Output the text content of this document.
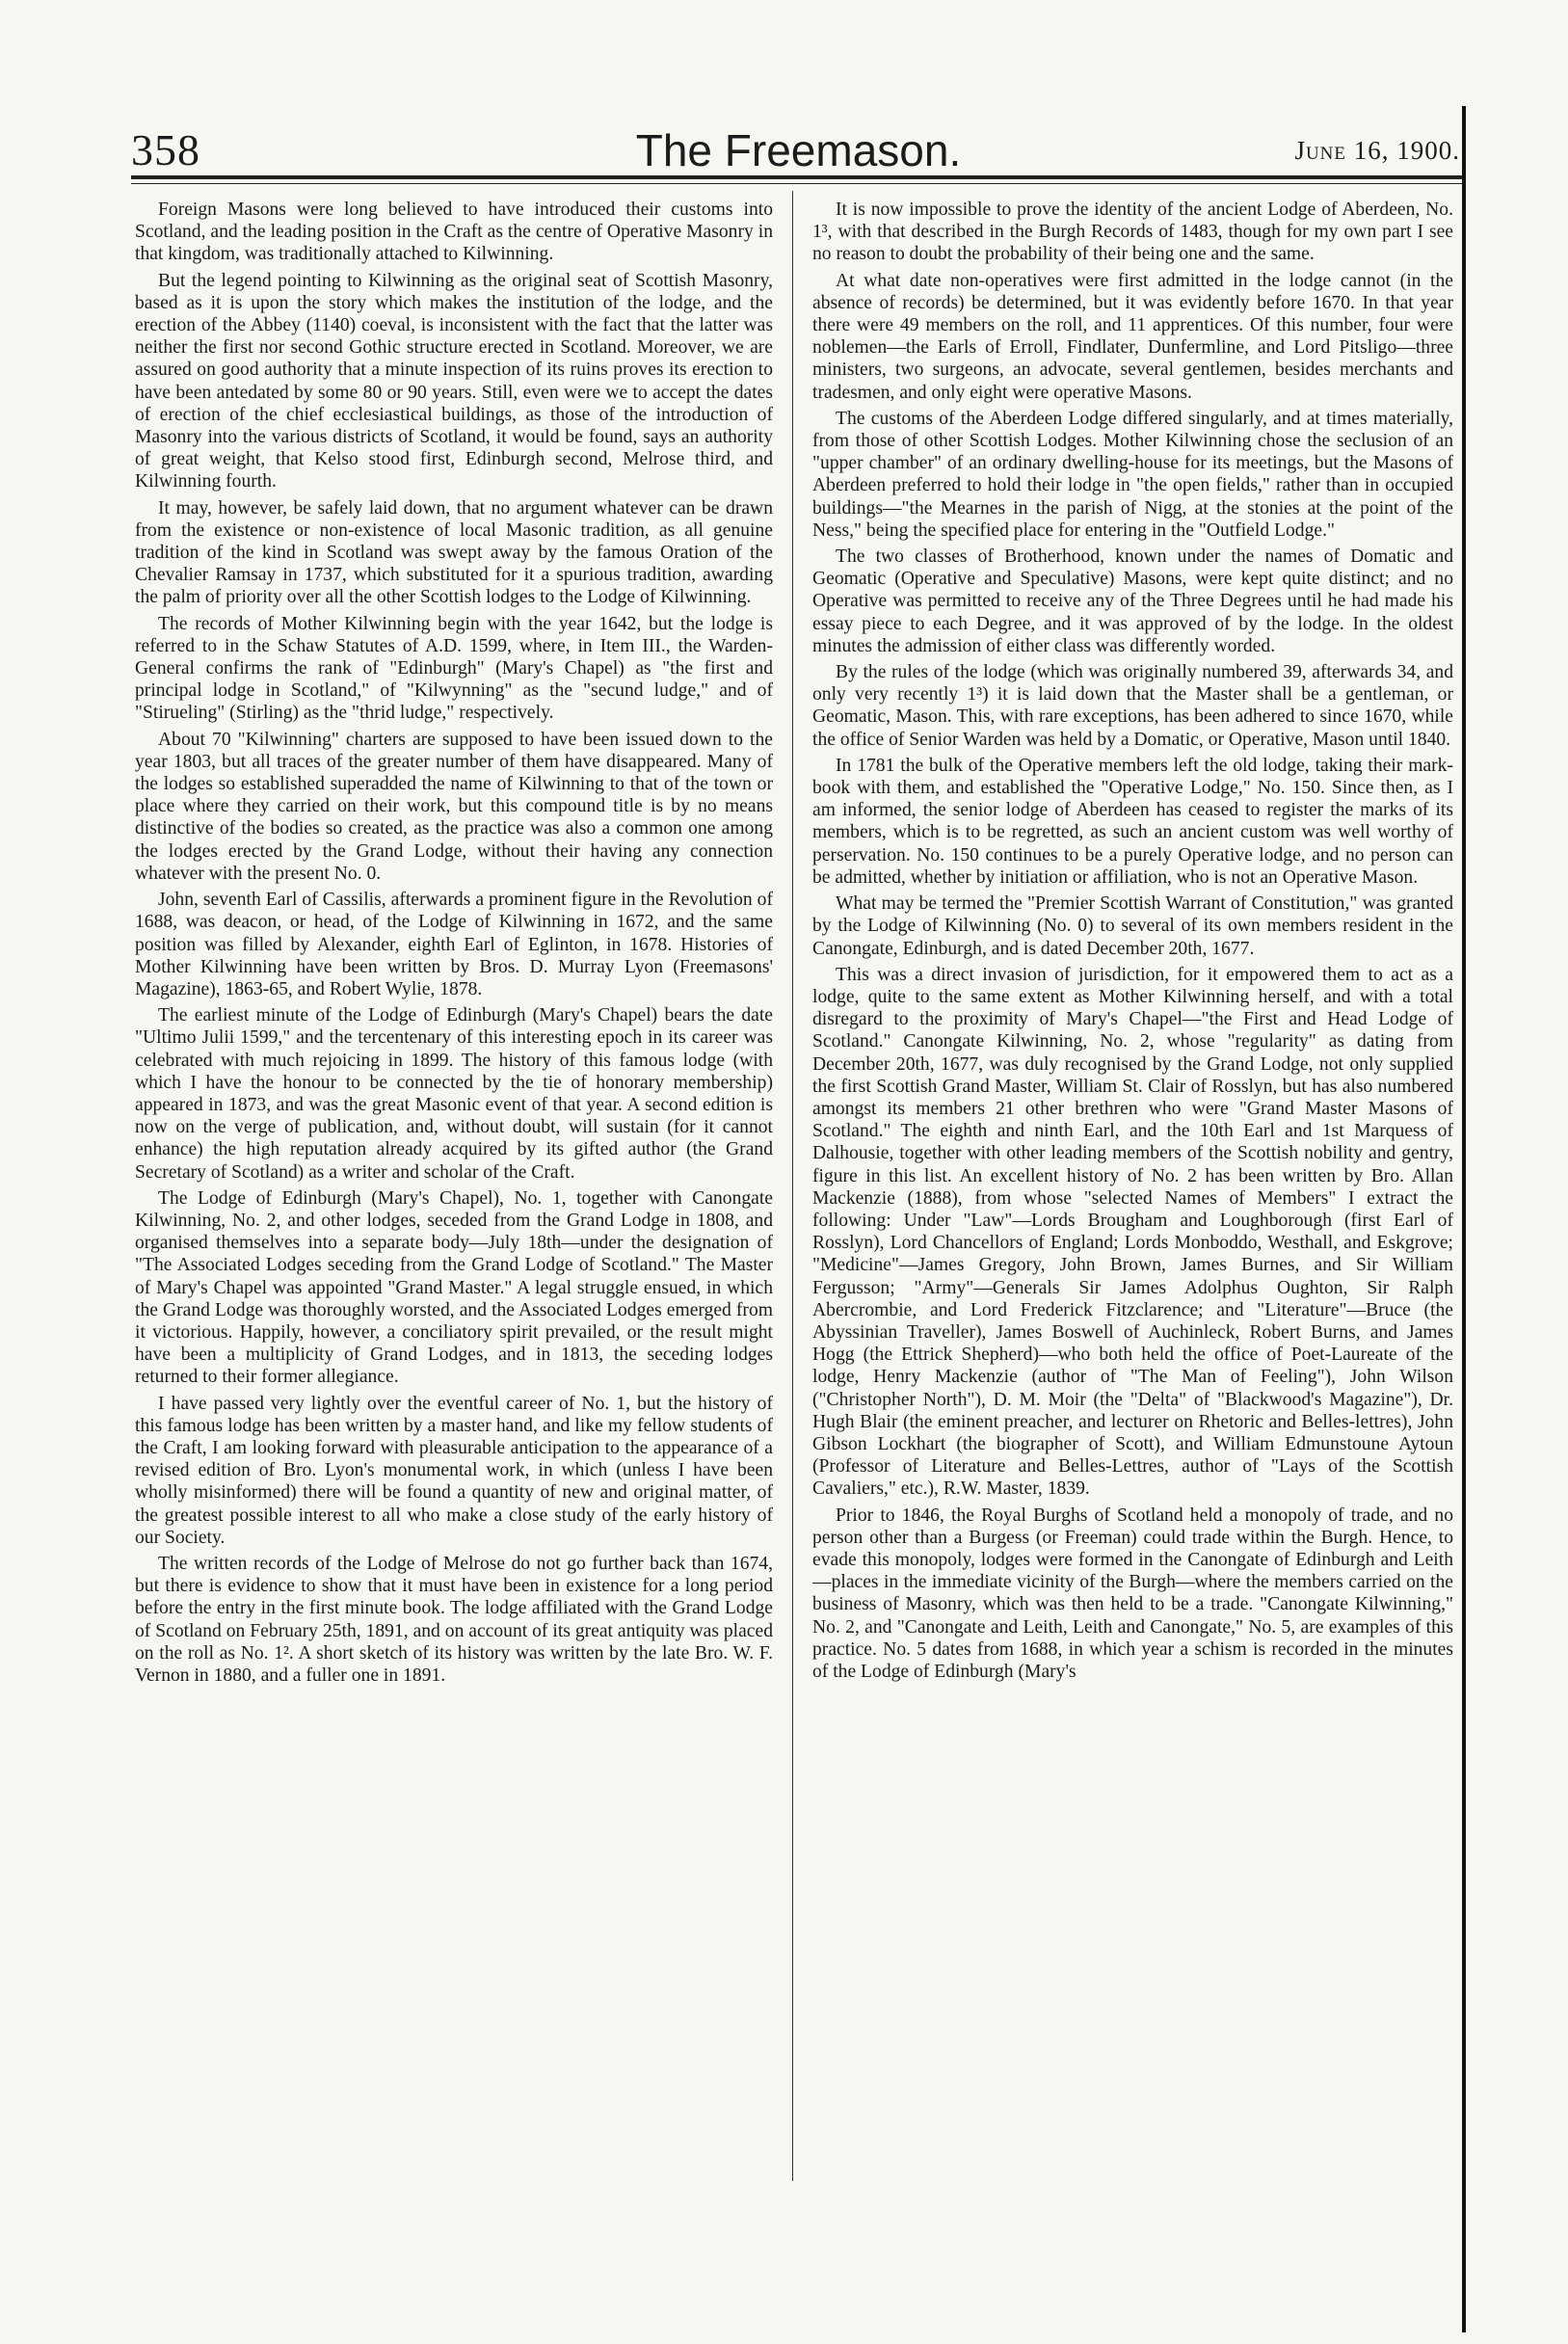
358	The Freemason.	June 16, 1900.

Foreign Masons were long believed to have introduced their customs into Scotland, and the leading position in the Craft as the centre of Operative Masonry in that kingdom, was traditionally attached to Kilwinning.

But the legend pointing to Kilwinning as the original seat of Scottish Masonry, based as it is upon the story which makes the institution of the lodge, and the erection of the Abbey (1140) coeval, is inconsistent with the fact that the latter was neither the first nor second Gothic structure erected in Scotland. Moreover, we are assured on good authority that a minute inspection of its ruins proves its erection to have been antedated by some 80 or 90 years. Still, even were we to accept the dates of erection of the chief ecclesiastical buildings, as those of the introduction of Masonry into the various districts of Scotland, it would be found, says an authority of great weight, that Kelso stood first, Edinburgh second, Melrose third, and Kilwinning fourth.

It may, however, be safely laid down, that no argument whatever can be drawn from the existence or non-existence of local Masonic tradition, as all genuine tradition of the kind in Scotland was swept away by the famous Oration of the Chevalier Ramsay in 1737, which substituted for it a spurious tradition, awarding the palm of priority over all the other Scottish lodges to the Lodge of Kilwinning.

The records of Mother Kilwinning begin with the year 1642, but the lodge is referred to in the Schaw Statutes of A.D. 1599, where, in Item III., the Warden-General confirms the rank of "Edinburgh" (Mary's Chapel) as "the first and principal lodge in Scotland," of "Kilwynning" as the "secund ludge," and of "Stirueling" (Stirling) as the "thrid ludge," respectively.

About 70 "Kilwinning" charters are supposed to have been issued down to the year 1803, but all traces of the greater number of them have disappeared. Many of the lodges so established superadded the name of Kilwinning to that of the town or place where they carried on their work, but this compound title is by no means distinctive of the bodies so created, as the practice was also a common one among the lodges erected by the Grand Lodge, without their having any connection whatever with the present No. 0.

John, seventh Earl of Cassilis, afterwards a prominent figure in the Revolution of 1688, was deacon, or head, of the Lodge of Kilwinning in 1672, and the same position was filled by Alexander, eighth Earl of Eglinton, in 1678. Histories of Mother Kilwinning have been written by Bros. D. Murray Lyon (Freemasons' Magazine), 1863-65, and Robert Wylie, 1878.

The earliest minute of the Lodge of Edinburgh (Mary's Chapel) bears the date "Ultimo Julii 1599," and the tercentenary of this interesting epoch in its career was celebrated with much rejoicing in 1899. The history of this famous lodge (with which I have the honour to be connected by the tie of honorary membership) appeared in 1873, and was the great Masonic event of that year. A second edition is now on the verge of publication, and, without doubt, will sustain (for it cannot enhance) the high reputation already acquired by its gifted author (the Grand Secretary of Scotland) as a writer and scholar of the Craft.

The Lodge of Edinburgh (Mary's Chapel), No. 1, together with Canongate Kilwinning, No. 2, and other lodges, seceded from the Grand Lodge in 1808, and organised themselves into a separate body—July 18th—under the designation of "The Associated Lodges seceding from the Grand Lodge of Scotland." The Master of Mary's Chapel was appointed "Grand Master." A legal struggle ensued, in which the Grand Lodge was thoroughly worsted, and the Associated Lodges emerged from it victorious. Happily, however, a conciliatory spirit prevailed, or the result might have been a multiplicity of Grand Lodges, and in 1813, the seceding lodges returned to their former allegiance.

I have passed very lightly over the eventful career of No. 1, but the history of this famous lodge has been written by a master hand, and like my fellow students of the Craft, I am looking forward with pleasurable anticipation to the appearance of a revised edition of Bro. Lyon's monumental work, in which (unless I have been wholly misinformed) there will be found a quantity of new and original matter, of the greatest possible interest to all who make a close study of the early history of our Society.

The written records of the Lodge of Melrose do not go further back than 1674, but there is evidence to show that it must have been in existence for a long period before the entry in the first minute book. The lodge affiliated with the Grand Lodge of Scotland on February 25th, 1891, and on account of its great antiquity was placed on the roll as No. 1². A short sketch of its history was written by the late Bro. W. F. Vernon in 1880, and a fuller one in 1891.

It is now impossible to prove the identity of the ancient Lodge of Aberdeen, No. 1³, with that described in the Burgh Records of 1483, though for my own part I see no reason to doubt the probability of their being one and the same.

At what date non-operatives were first admitted in the lodge cannot (in the absence of records) be determined, but it was evidently before 1670. In that year there were 49 members on the roll, and 11 apprentices. Of this number, four were noblemen—the Earls of Erroll, Findlater, Dunfermline, and Lord Pitsligo—three ministers, two surgeons, an advocate, several gentlemen, besides merchants and tradesmen, and only eight were operative Masons.

The customs of the Aberdeen Lodge differed singularly, and at times materially, from those of other Scottish Lodges. Mother Kilwinning chose the seclusion of an "upper chamber" of an ordinary dwelling-house for its meetings, but the Masons of Aberdeen preferred to hold their lodge in "the open fields," rather than in occupied buildings—"the Mearnes in the parish of Nigg, at the stonies at the point of the Ness," being the specified place for entering in the "Outfield Lodge."

The two classes of Brotherhood, known under the names of Domatic and Geomatic (Operative and Speculative) Masons, were kept quite distinct; and no Operative was permitted to receive any of the Three Degrees until he had made his essay piece to each Degree, and it was approved of by the lodge. In the oldest minutes the admission of either class was differently worded.

By the rules of the lodge (which was originally numbered 39, afterwards 34, and only very recently 1³) it is laid down that the Master shall be a gentleman, or Geomatic, Mason. This, with rare exceptions, has been adhered to since 1670, while the office of Senior Warden was held by a Domatic, or Operative, Mason until 1840.

In 1781 the bulk of the Operative members left the old lodge, taking their mark-book with them, and established the "Operative Lodge," No. 150. Since then, as I am informed, the senior lodge of Aberdeen has ceased to register the marks of its members, which is to be regretted, as such an ancient custom was well worthy of perservation. No. 150 continues to be a purely Operative lodge, and no person can be admitted, whether by initiation or affiliation, who is not an Operative Mason.

What may be termed the "Premier Scottish Warrant of Constitution," was granted by the Lodge of Kilwinning (No. 0) to several of its own members resident in the Canongate, Edinburgh, and is dated December 20th, 1677.

This was a direct invasion of jurisdiction, for it empowered them to act as a lodge, quite to the same extent as Mother Kilwinning herself, and with a total disregard to the proximity of Mary's Chapel—"the First and Head Lodge of Scotland." Canongate Kilwinning, No. 2, whose "regularity" as dating from December 20th, 1677, was duly recognised by the Grand Lodge, not only supplied the first Scottish Grand Master, William St. Clair of Rosslyn, but has also numbered amongst its members 21 other brethren who were "Grand Master Masons of Scotland." The eighth and ninth Earl, and the 10th Earl and 1st Marquess of Dalhousie, together with other leading members of the Scottish nobility and gentry, figure in this list. An excellent history of No. 2 has been written by Bro. Allan Mackenzie (1888), from whose "selected Names of Members" I extract the following: Under "Law"—Lords Brougham and Loughborough (first Earl of Rosslyn), Lord Chancellors of England; Lords Monboddo, Westhall, and Eskgrove; "Medicine"—James Gregory, John Brown, James Burnes, and Sir William Fergusson; "Army"—Generals Sir James Adolphus Oughton, Sir Ralph Abercrombie, and Lord Frederick Fitzclarence; and "Literature"—Bruce (the Abyssinian Traveller), James Boswell of Auchinleck, Robert Burns, and James Hogg (the Ettrick Shepherd)—who both held the office of Poet-Laureate of the lodge, Henry Mackenzie (author of "The Man of Feeling"), John Wilson ("Christopher North"), D. M. Moir (the "Delta" of "Blackwood's Magazine"), Dr. Hugh Blair (the eminent preacher, and lecturer on Rhetoric and Belles-lettres), John Gibson Lockhart (the biographer of Scott), and William Edmunstoune Aytoun (Professor of Literature and Belles-Lettres, author of "Lays of the Scottish Cavaliers," etc.), R.W. Master, 1839.

Prior to 1846, the Royal Burghs of Scotland held a monopoly of trade, and no person other than a Burgess (or Freeman) could trade within the Burgh. Hence, to evade this monopoly, lodges were formed in the Canongate of Edinburgh and Leith—places in the immediate vicinity of the Burgh—where the members carried on the business of Masonry, which was then held to be a trade. "Canongate Kilwinning," No. 2, and "Canongate and Leith, Leith and Canongate," No. 5, are examples of this practice. No. 5 dates from 1688, in which year a schism is recorded in the minutes of the Lodge of Edinburgh (Mary's
